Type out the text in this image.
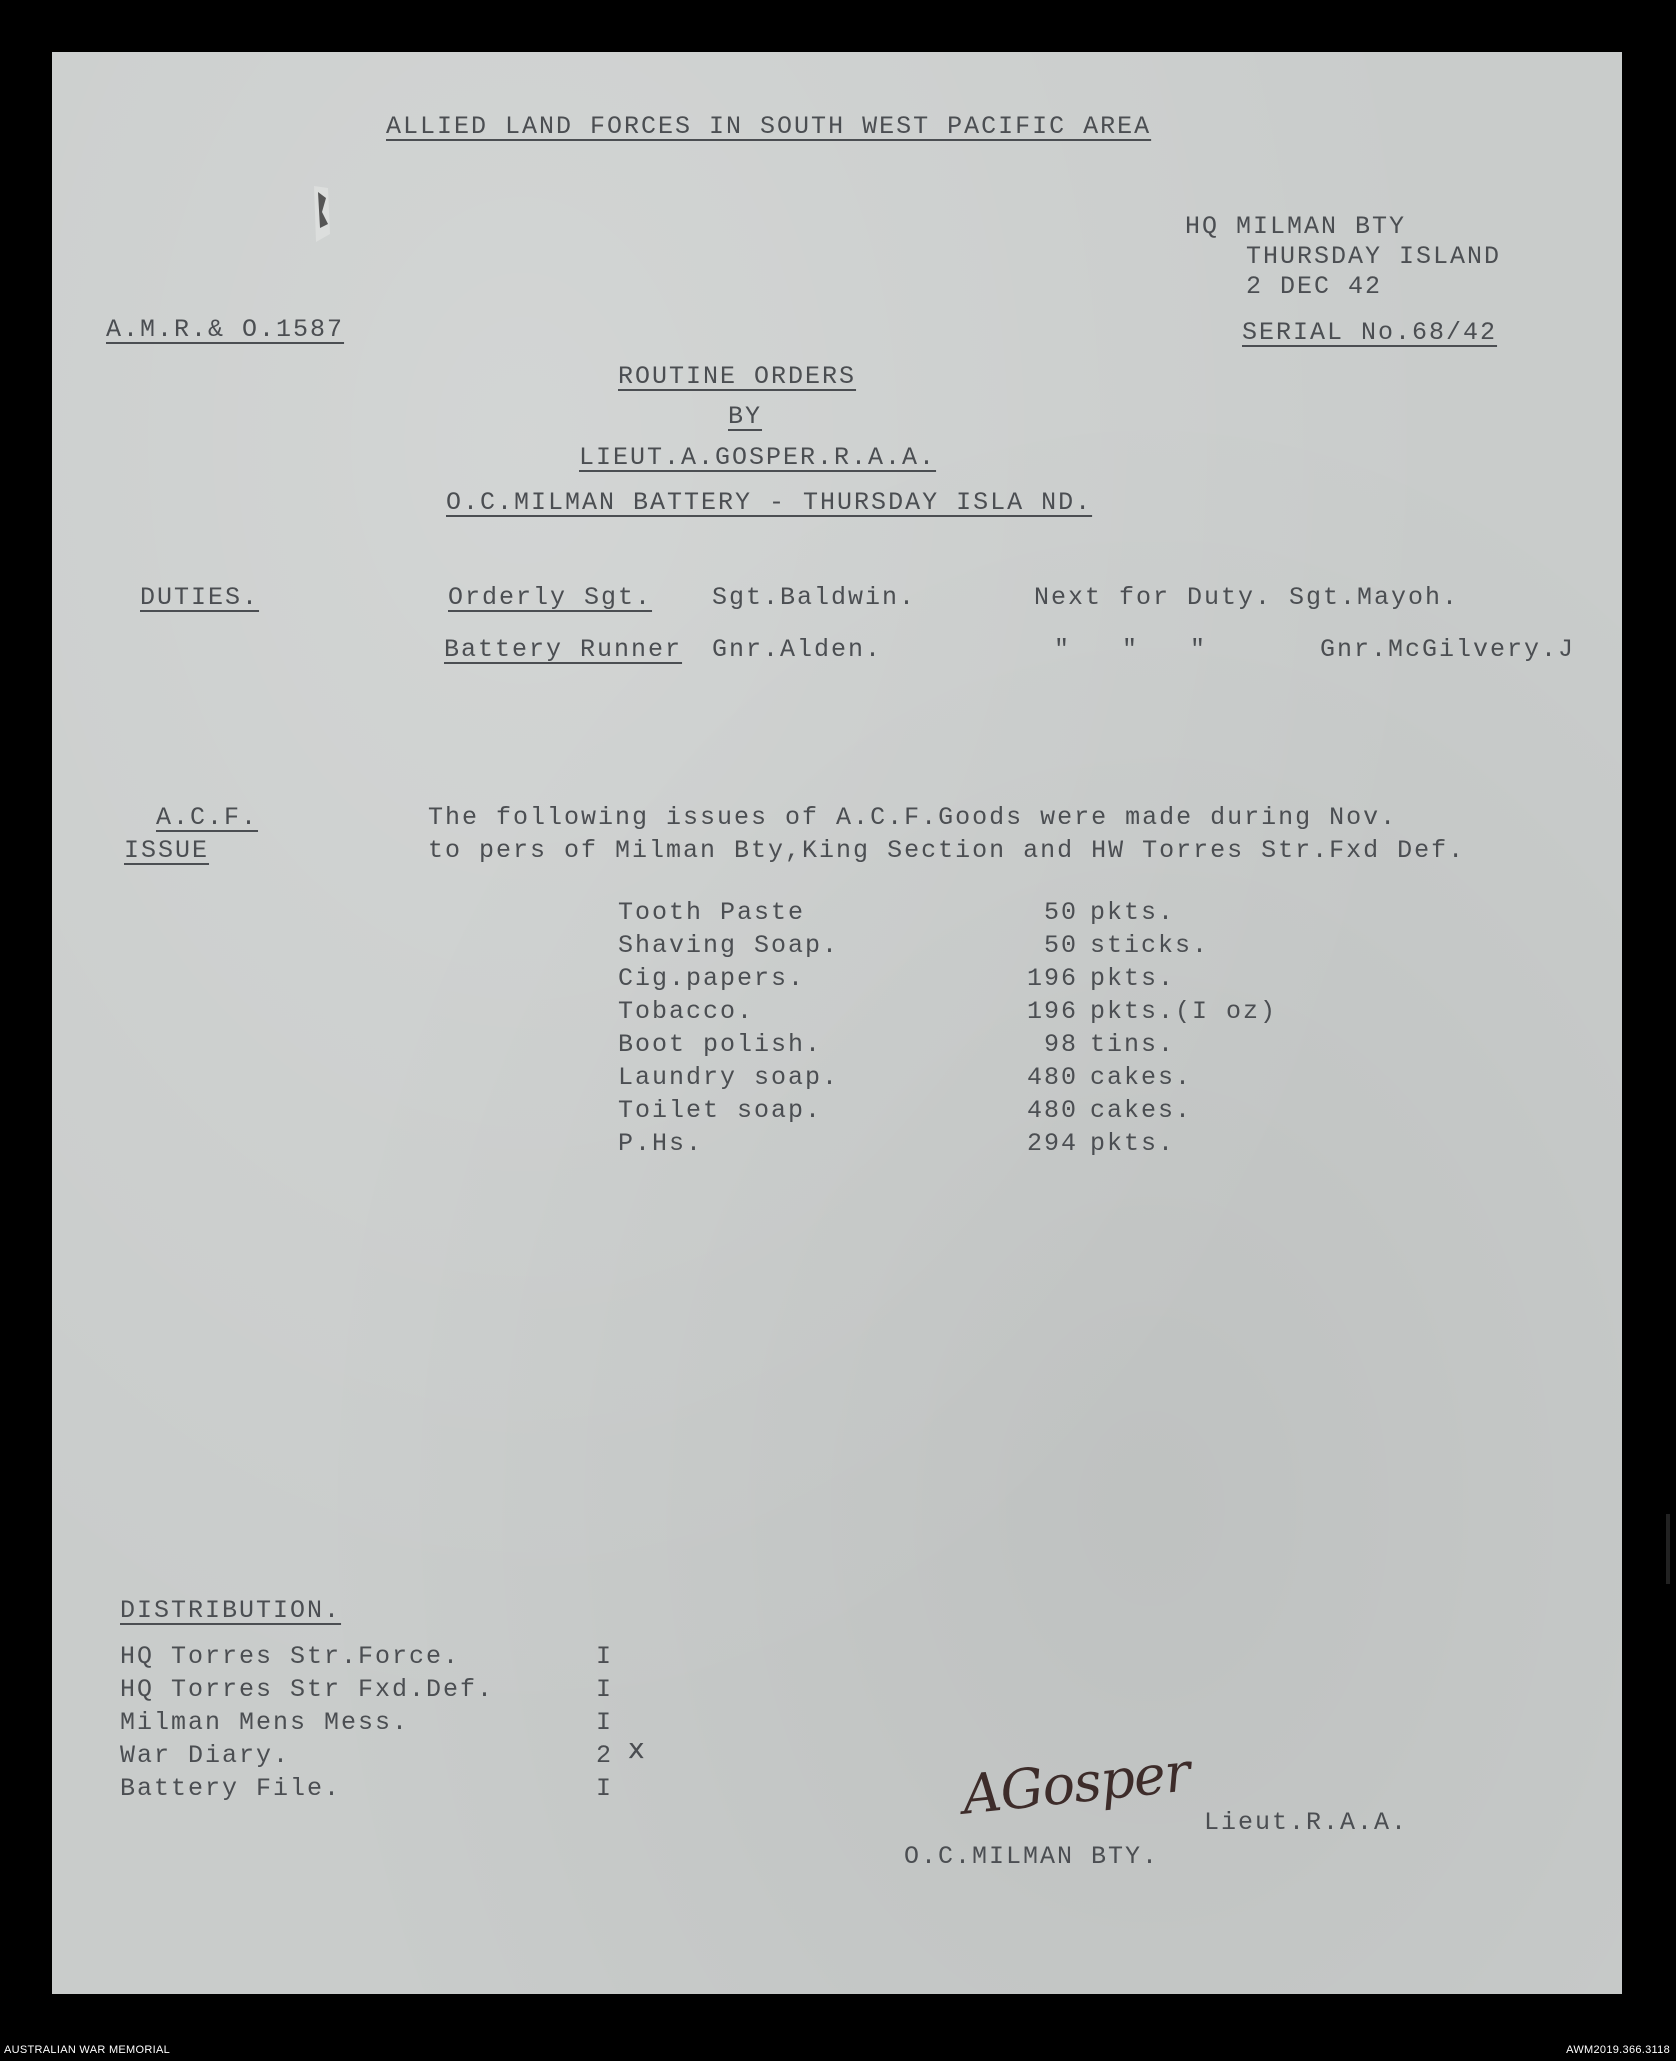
ALLIED LAND FORCES IN SOUTH WEST PACIFIC AREA
HQ MILMAN BTY
THURSDAY ISLAND
2 DEC 42
A.M.R.& O.1587	SERIAL No.68/42
ROUTINE ORDERS
BY
LIEUT.A.GOSPER.R.A.A.
O.C.MILMAN BATTERY - THURSDAY ISLA ND.
DUTIES.	Orderly Sgt. Sgt.Baldwin.	Next for Duty. Sgt.Mayoh.
Battery Runner Gnr.Alden.	"   "   "	Gnr.McGilvery.J
A.C.F.
ISSUE
The following issues of A.C.F.Goods were made during Nov.
to pers of Milman Bty,King Section and HW Torres Str.Fxd Def.
Tooth Paste	50 pkts.
Shaving Soap.	50 sticks.
Cig.papers.	196 pkts.
Tobacco.	196 pkts.(I oz)
Boot polish.	98 tins.
Laundry soap.	480 cakes.
Toilet soap.	480 cakes.
P.Hs.	294 pkts.
DISTRIBUTION.
HQ Torres Str.Force.	I
HQ Torres Str Fxd.Def.	I
Milman Mens Mess.	I
War Diary.	2
Battery File.	I
x	AGosper Lieut.R.A.A.
O.C.MILMAN BTY.
AUSTRALIAN WAR MEMORIAL	AWM2019.366.3118
